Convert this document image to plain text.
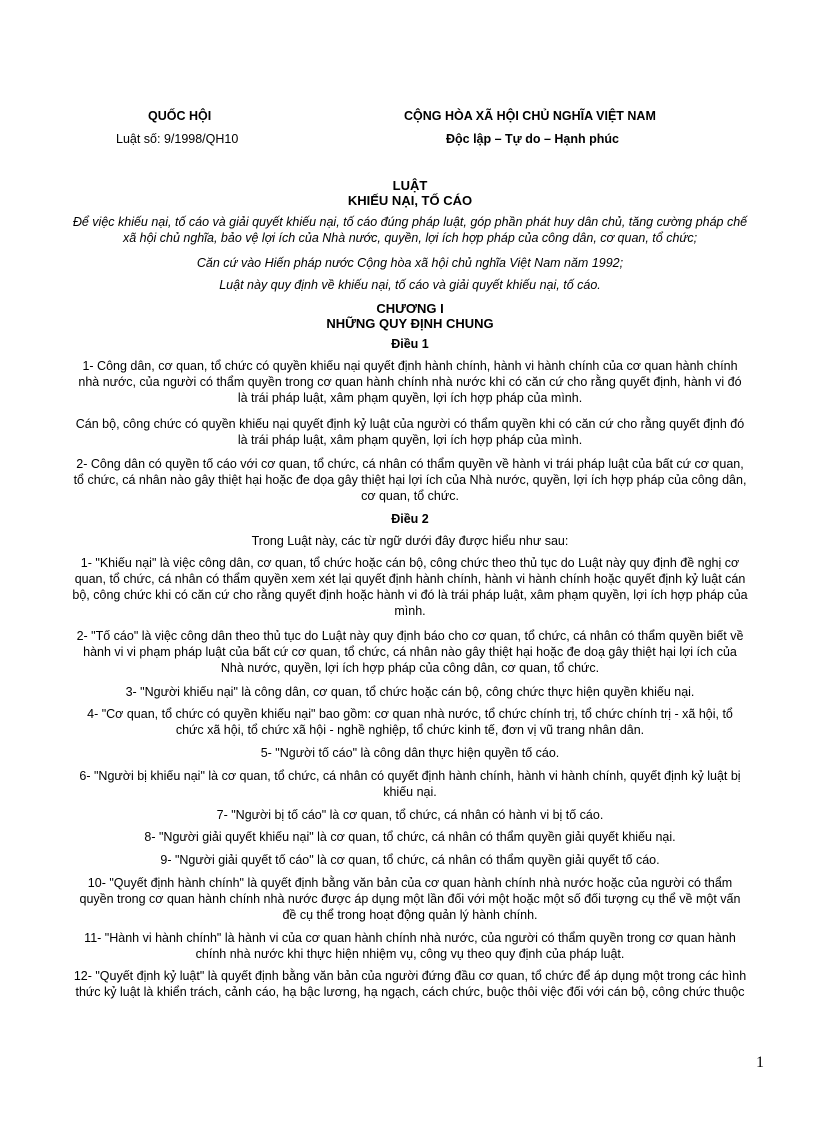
QUỐC HỘI
Luật số: 9/1998/QH10
CỘNG HÒA XÃ HỘI CHỦ NGHĨA VIỆT NAM
Độc lập – Tự do – Hạnh phúc
LUẬT
KHIẾU NẠI, TỐ CÁO
Để việc khiếu nại, tố cáo và giải quyết khiếu nại, tố cáo đúng pháp luật, góp phần phát huy dân chủ, tăng cường pháp chế xã hội chủ nghĩa, bảo vệ lợi ích của Nhà nước, quyền, lợi ích hợp pháp của công dân, cơ quan, tổ chức;
Căn cứ vào Hiến pháp nước Cộng hòa xã hội chủ nghĩa Việt Nam năm 1992;
Luật này quy định về khiếu nại, tố cáo và giải quyết khiếu nại, tố cáo.
CHƯƠNG I
NHỮNG QUY ĐỊNH CHUNG
Điều 1
1- Công dân, cơ quan, tổ chức có quyền khiếu nại quyết định hành chính, hành vi hành chính của cơ quan hành chính nhà nước, của người có thẩm quyền trong cơ quan hành chính nhà nước khi có căn cứ cho rằng quyết định, hành vi đó là trái pháp luật, xâm phạm quyền, lợi ích hợp pháp của mình.
Cán bộ, công chức có quyền khiếu nại quyết định kỷ luật của người có thẩm quyền khi có căn cứ cho rằng quyết định đó là trái pháp luật, xâm phạm quyền, lợi ích hợp pháp của mình.
2- Công dân có quyền tố cáo với cơ quan, tổ chức, cá nhân có thẩm quyền về hành vi trái pháp luật của bất cứ cơ quan, tổ chức, cá nhân nào gây thiệt hại hoặc đe dọa gây thiệt hại lợi ích của Nhà nước, quyền, lợi ích hợp pháp của công dân, cơ quan, tổ chức.
Điều 2
Trong Luật này, các từ ngữ dưới đây được hiểu như sau:
1- "Khiếu nại" là việc công dân, cơ quan, tổ chức hoặc cán bộ, công chức theo thủ tục do Luật này quy định đề nghị cơ quan, tổ chức, cá nhân có thẩm quyền xem xét lại quyết định hành chính, hành vi hành chính hoặc quyết định kỷ luật cán bộ, công chức khi có căn cứ cho rằng quyết định hoặc hành vi đó là trái pháp luật, xâm phạm quyền, lợi ích hợp pháp của mình.
2- "Tố cáo" là việc công dân theo thủ tục do Luật này quy định báo cho cơ quan, tổ chức, cá nhân có thẩm quyền biết về hành vi vi phạm pháp luật của bất cứ cơ quan, tổ chức, cá nhân nào gây thiệt hại hoặc đe doạ gây thiệt hại lợi ích của Nhà nước, quyền, lợi ích hợp pháp của công dân, cơ quan, tổ chức.
3- "Người khiếu nại" là công dân, cơ quan, tổ chức hoặc cán bộ, công chức thực hiện quyền khiếu nại.
4- "Cơ quan, tổ chức có quyền khiếu nại" bao gồm: cơ quan nhà nước, tổ chức chính trị, tổ chức chính trị - xã hội, tổ chức xã hội, tổ chức xã hội - nghề nghiệp, tổ chức kinh tế, đơn vị vũ trang nhân dân.
5- "Người tố cáo" là công dân thực hiện quyền tố cáo.
6- "Người bị khiếu nại" là cơ quan, tổ chức, cá nhân có quyết định hành chính, hành vi hành chính, quyết định kỷ luật bị khiếu nại.
7- "Người bị tố cáo" là cơ quan, tổ chức, cá nhân có hành vi bị tố cáo.
8- "Người giải quyết khiếu nại" là cơ quan, tổ chức, cá nhân có thẩm quyền giải quyết khiếu nại.
9- "Người giải quyết tố cáo" là cơ quan, tổ chức, cá nhân có thẩm quyền giải quyết tố cáo.
10- "Quyết định hành chính" là quyết định bằng văn bản của cơ quan hành chính nhà nước hoặc của người có thẩm quyền trong cơ quan hành chính nhà nước được áp dụng một lần đối với một hoặc một số đối tượng cụ thể về một vấn đề cụ thể trong hoạt động quản lý hành chính.
11- "Hành vi hành chính" là hành vi của cơ quan hành chính nhà nước, của người có thẩm quyền trong cơ quan hành chính nhà nước khi thực hiện nhiệm vụ, công vụ theo quy định của pháp luật.
12- "Quyết định kỷ luật" là quyết định bằng văn bản của người đứng đầu cơ quan, tổ chức để áp dụng một trong các hình thức kỷ luật là khiển trách, cảnh cáo, hạ bậc lương, hạ ngạch, cách chức, buộc thôi việc đối với cán bộ, công chức thuộc
1
